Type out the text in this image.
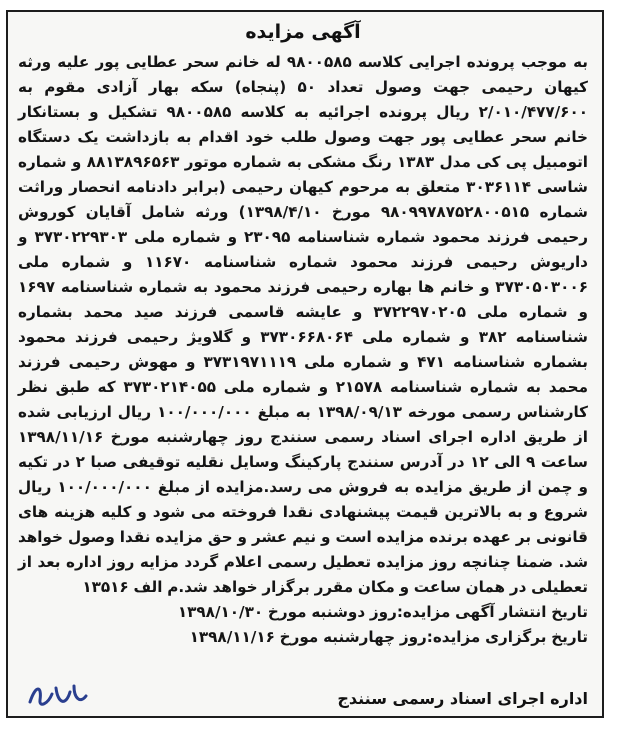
آگهی مزایده

به موجب پرونده اجرایی کلاسه ۹۸۰۰۵۸۵ له خانم سحر عطایی پور علیه ورثه کیهان رحیمی جهت وصول تعداد ۵۰ (پنجاه) سکه بهار آزادی مقوم به ۲/۰۱۰/۴۷۷/۶۰۰ ریال پرونده اجرائیه به کلاسه ۹۸۰۰۵۸۵ تشکیل و بستانکار خانم سحر عطایی پور جهت وصول طلب خود اقدام به بازداشت یک دستگاه اتومبیل پی کی مدل ۱۳۸۳ رنگ مشکی به شماره موتور ۸۸۱۳۸۹۶۵۶۳ و شماره شاسی ۳۰۳۶۱۱۴ متعلق به مرحوم کیهان رحیمی (برابر دادنامه انحصار وراثت شماره ۹۸۰۹۹۷۸۷۵۲۸۰۰۵۱۵ مورخ ۱۳۹۸/۴/۱۰) ورثه شامل آقایان کوروش رحیمی فرزند محمود شماره شناسنامه ۲۳۰۹۵ و شماره ملی ۳۷۳۰۲۲۹۳۰۳ و داریوش رحیمی فرزند محمود شماره شناسنامه ۱۱۶۷۰ و شماره ملی ۳۷۳۰۵۰۳۰۰۶ و خانم ها بهاره رحیمی فرزند محمود به شماره شناسنامه ۱۶۹۷ و شماره ملی ۳۷۲۲۹۷۰۲۰۵ و عایشه قاسمی فرزند صید محمد بشماره شناسنامه ۳۸۲ و شماره ملی ۳۷۳۰۶۶۸۰۶۴ و گلاویژ رحیمی فرزند محمود بشماره شناسنامه ۴۷۱ و شماره ملی ۳۷۳۱۹۷۱۱۱۹ و مهوش رحیمی فرزند محمد به شماره شناسنامه ۲۱۵۷۸ و شماره ملی ۳۷۳۰۲۱۴۰۵۵ که طبق نظر کارشناس رسمی مورخه ۱۳۹۸/۰۹/۱۳ به مبلغ ۱۰۰/۰۰۰/۰۰۰ ریال ارزیابی شده از طریق اداره اجرای اسناد رسمی سنندج روز چهارشنبه مورخ ۱۳۹۸/۱۱/۱۶ ساعت ۹ الی ۱۲ در آدرس سنندج پارکینگ وسایل نقلیه توقیفی صبا ۲ در تکیه و چمن از طریق مزایده به فروش می رسد.مزایده از مبلغ ۱۰۰/۰۰۰/۰۰۰ ریال شروع و به بالاترین قیمت پیشنهادی نقدا فروخته می شود و کلیه هزینه های قانونی بر عهده برنده مزایده است و نیم عشر و حق مزایده نقدا وصول خواهد شد. ضمنا چنانچه روز مزایده تعطیل رسمی اعلام گردد مزایه روز اداره بعد از تعطیلی در همان ساعت و مکان مقرر برگزار خواهد شد.م الف ۱۳۵۱۶
تاریخ انتشار آگهی مزایده:روز دوشنبه مورخ ۱۳۹۸/۱۰/۳۰
تاریخ برگزاری مزایده:روز چهارشنبه مورخ ۱۳۹۸/۱۱/۱۶

اداره اجرای اسناد رسمی سنندج
